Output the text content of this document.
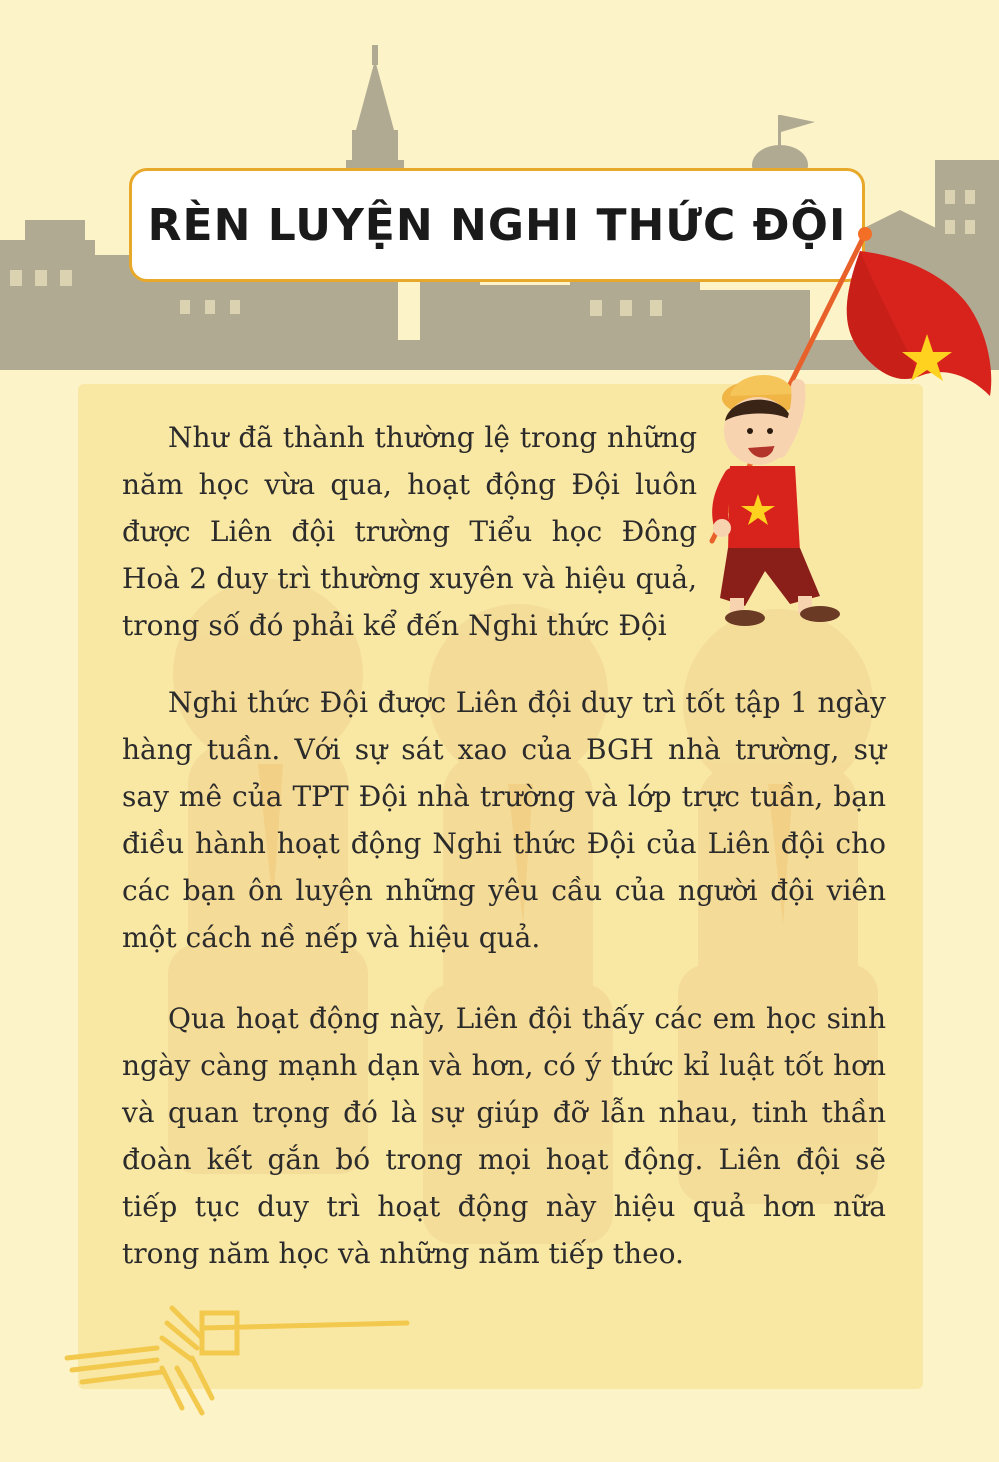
RÈN LUYỆN NGHI THỨC ĐỘI

Như đã thành thường lệ trong những năm học vừa qua, hoạt động Đội luôn được Liên đội trường Tiểu học Đông Hoà 2 duy trì thường xuyên và hiệu quả, trong số đó phải kể đến Nghi thức Đội

Nghi thức Đội được Liên đội duy trì tốt tập 1 ngày hàng tuần. Với sự sát xao của BGH nhà trường, sự say mê của TPT Đội nhà trường và lớp trực tuần, bạn điều hành hoạt động Nghi thức Đội của Liên đội cho các bạn ôn luyện những yêu cầu của người đội viên một cách nề nếp và hiệu quả.

Qua hoạt động này, Liên đội thấy các em học sinh ngày càng mạnh dạn và hơn, có ý thức kỉ luật tốt hơn và quan trọng đó là sự giúp đỡ lẫn nhau, tinh thần đoàn kết gắn bó trong mọi hoạt động. Liên đội sẽ tiếp tục duy trì hoạt động này hiệu quả hơn nữa trong năm học và những năm tiếp theo.
